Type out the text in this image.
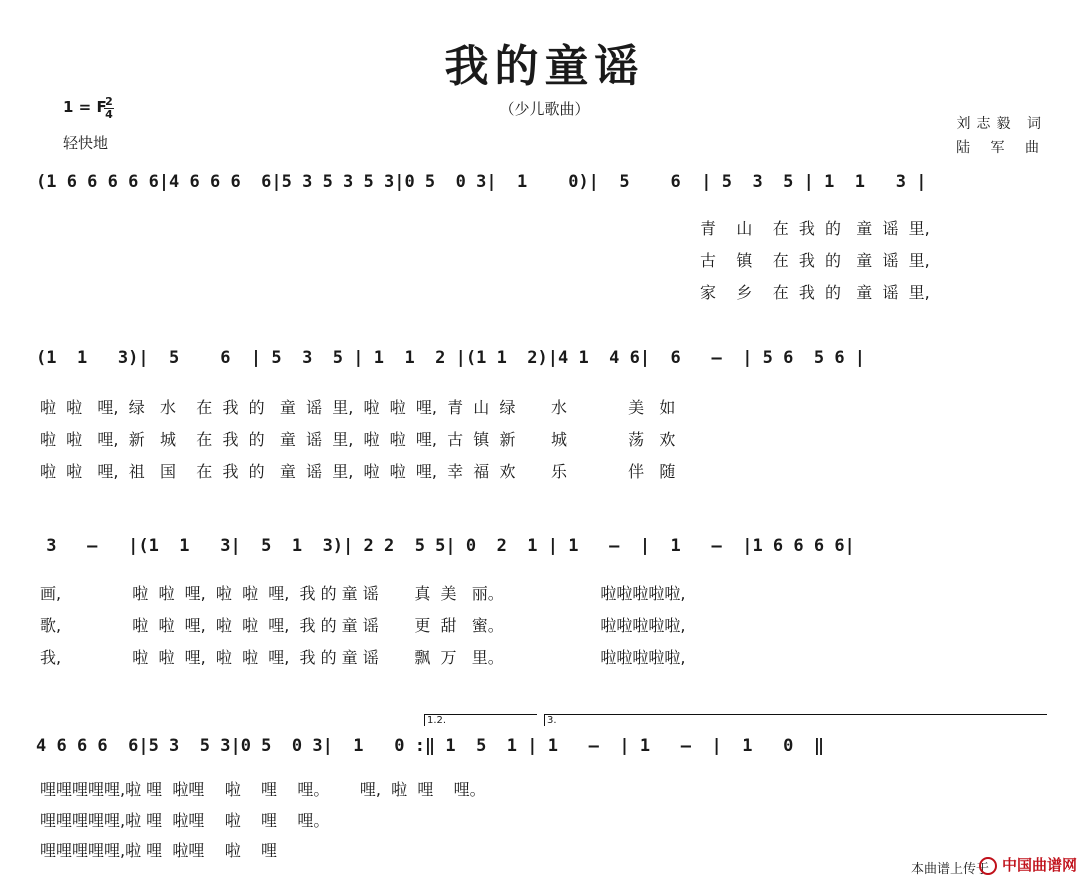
我的童谣
（少儿歌曲）
1 = F
2
4
轻快地
刘志毅 词
陆 军 曲
(1 6 6 6 6 6|4 6 6 6  6|5 3 5 3 5 3|0 5  0 3|  1    0)|  5    6  | 5  3  5 | 1  1   3 |
青    山    在  我  的   童  谣  里,
古    镇    在  我  的   童  谣  里,
家    乡    在  我  的   童  谣  里,
(1  1   3)|  5    6  | 5  3  5 | 1  1  2 |(1 1  2)|4 1  4 6|  6   –  | 5 6  5 6 |
啦  啦   哩,  绿   水    在  我  的   童  谣  里,  啦  啦  哩,  青  山  绿       水            美   如
啦  啦   哩,  新   城    在  我  的   童  谣  里,  啦  啦  哩,  古  镇  新       城            荡   欢
啦  啦   哩,  祖   国    在  我  的   童  谣  里,  啦  啦  哩,  幸  福  欢       乐            伴   随
3   –   |(1  1   3|  5  1  3)| 2 2  5 5| 0  2  1 | 1   –  |  1   –  |1 6 6 6 6|
画,              啦  啦  哩,  啦  啦  哩,  我 的 童 谣       真  美   丽。                   啦啦啦啦啦,
歌,              啦  啦  哩,  啦  啦  哩,  我 的 童 谣       更  甜   蜜。                   啦啦啦啦啦,
我,              啦  啦  哩,  啦  啦  哩,  我 的 童 谣       飘  万   里。                   啦啦啦啦啦,
1.2.	3.
4 6 6 6  6|5 3  5 3|0 5  0 3|  1   0 :‖ 1  5  1 | 1   –  | 1   –  |  1   0  ‖
哩哩哩哩哩,啦 哩  啦哩    啦    哩    哩。      哩,  啦  哩    哩。
哩哩哩哩哩,啦 哩  啦哩    啦    哩    哩。
哩哩哩哩哩,啦 哩  啦哩    啦    哩
本曲谱上传于 中国曲谱网
